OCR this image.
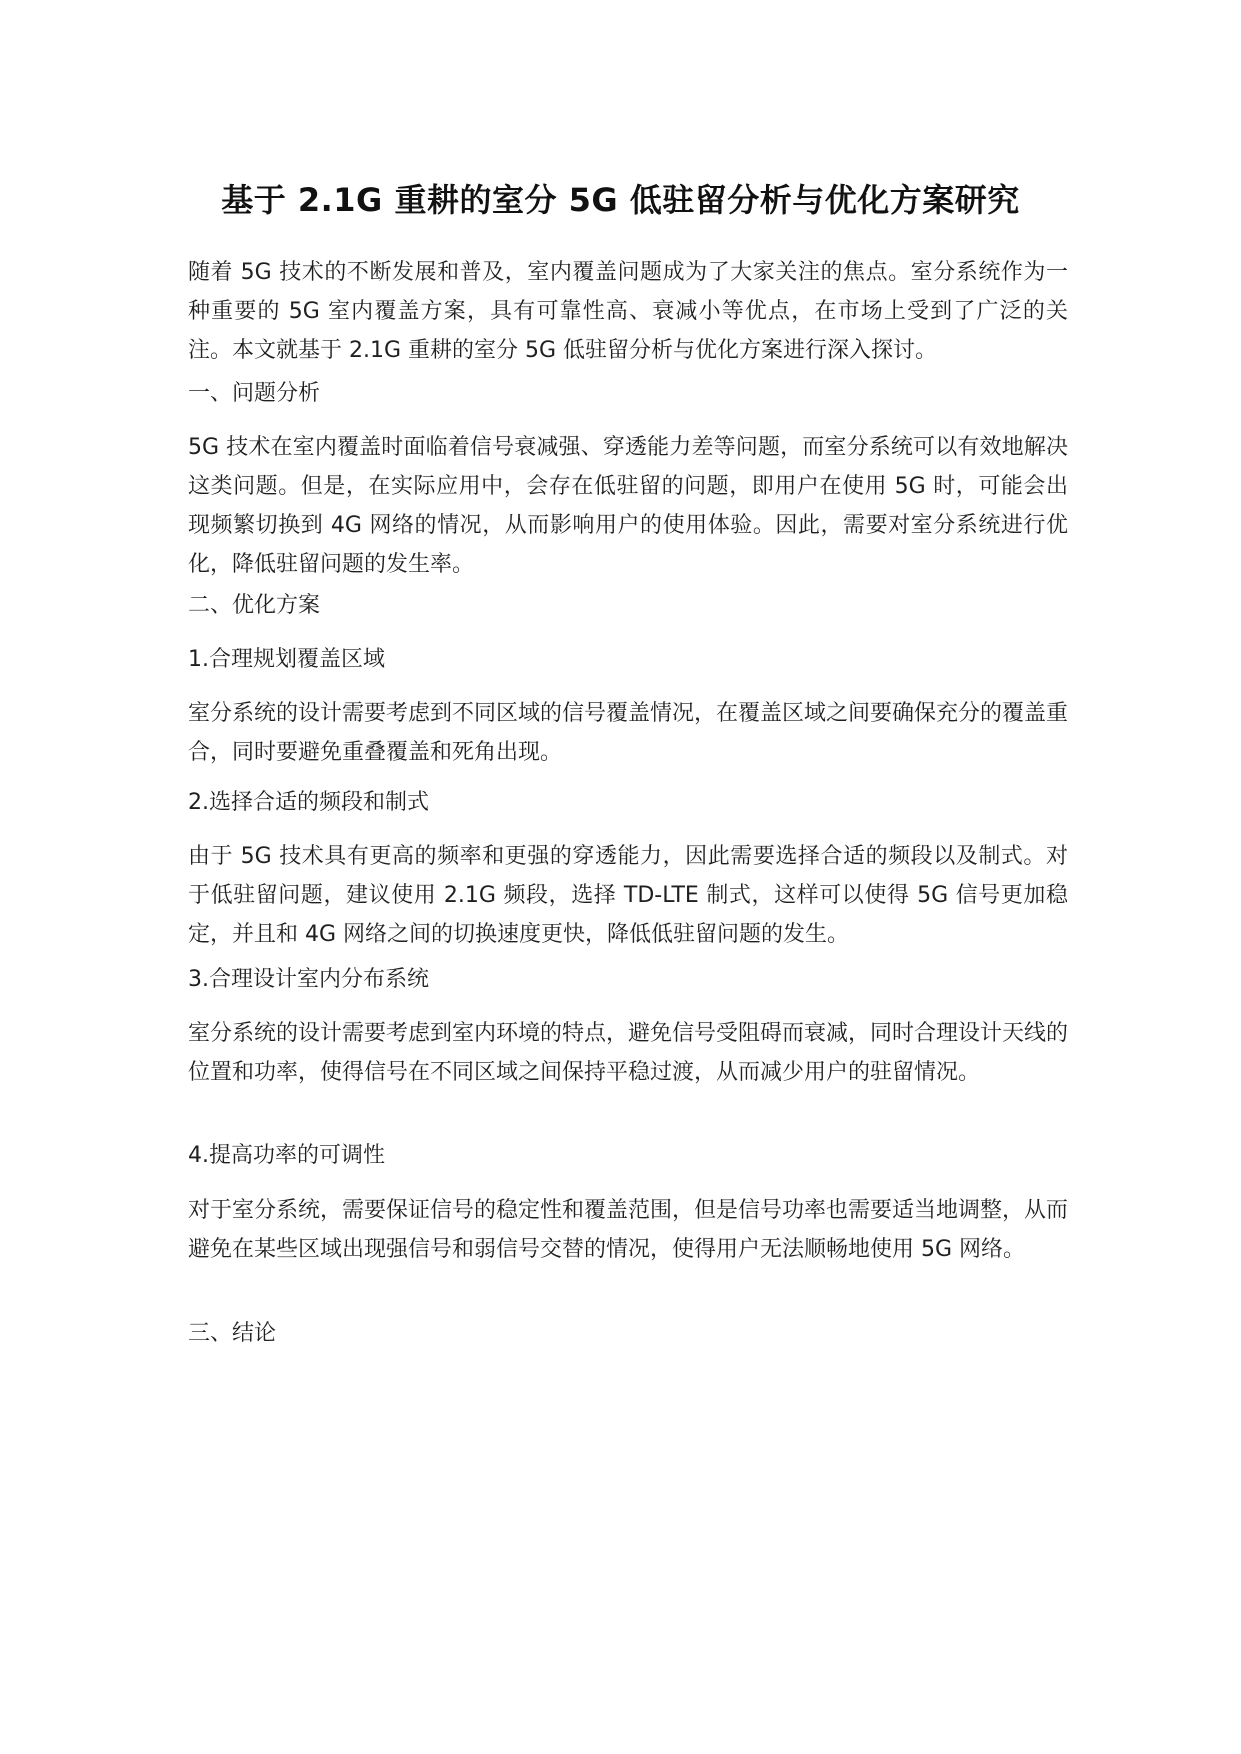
基于 2.1G 重耕的室分 5G 低驻留分析与优化方案研究

随着 5G 技术的不断发展和普及，室内覆盖问题成为了大家关注的焦点。室分系统作为一种重要的 5G 室内覆盖方案，具有可靠性高、衰减小等优点，在市场上受到了广泛的关注。本文就基于 2.1G 重耕的室分 5G 低驻留分析与优化方案进行深入探讨。

一、问题分析

5G 技术在室内覆盖时面临着信号衰减强、穿透能力差等问题，而室分系统可以有效地解决这类问题。但是，在实际应用中，会存在低驻留的问题，即用户在使用 5G 时，可能会出现频繁切换到 4G 网络的情况，从而影响用户的使用体验。因此，需要对室分系统进行优化，降低驻留问题的发生率。

二、优化方案

1.合理规划覆盖区域

室分系统的设计需要考虑到不同区域的信号覆盖情况，在覆盖区域之间要确保充分的覆盖重合，同时要避免重叠覆盖和死角出现。

2.选择合适的频段和制式

由于 5G 技术具有更高的频率和更强的穿透能力，因此需要选择合适的频段以及制式。对于低驻留问题，建议使用 2.1G 频段，选择 TD-LTE 制式，这样可以使得 5G 信号更加稳定，并且和 4G 网络之间的切换速度更快，降低低驻留问题的发生。

3.合理设计室内分布系统

室分系统的设计需要考虑到室内环境的特点，避免信号受阻碍而衰减，同时合理设计天线的位置和功率，使得信号在不同区域之间保持平稳过渡，从而减少用户的驻留情况。

4.提高功率的可调性

对于室分系统，需要保证信号的稳定性和覆盖范围，但是信号功率也需要适当地调整，从而避免在某些区域出现强信号和弱信号交替的情况，使得用户无法顺畅地使用 5G 网络。

三、结论
